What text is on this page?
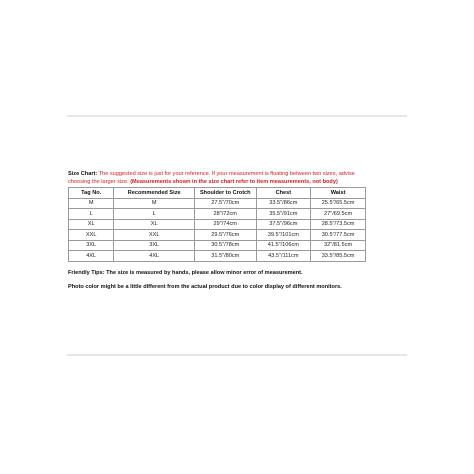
Size Chart: The suggested size is just for your reference. If your measurement is floating between two sizes, advise choosing the larger size. (Measurements shown in the size chart refer to item measurements, not body)
Tag No.	Recommended Size	Shoulder to Crotch	Chest	Waist
M	M	27.5"/70cm	33.5"/86cm	25.5"/65.5cm
L	L	28"/72cm	35.5"/91cm	27"/69.5cm
XL	XL	29"/74cm	37.5"/96cm	28.5"/73.5cm
XXL	XXL	29.5"/76cm	39.5"/101cm	30.5"/77.5cm
3XL	3XL	30.5"/78cm	41.5"/106cm	32"/81.5cm
4XL	4XL	31.5"/80cm	43.5"/111cm	33.5"/85.5cm
Friendly Tips: The size is measured by hands, please allow minor error of measurement.
Photo color might be a little different from the actual product due to color display of different monitors.
